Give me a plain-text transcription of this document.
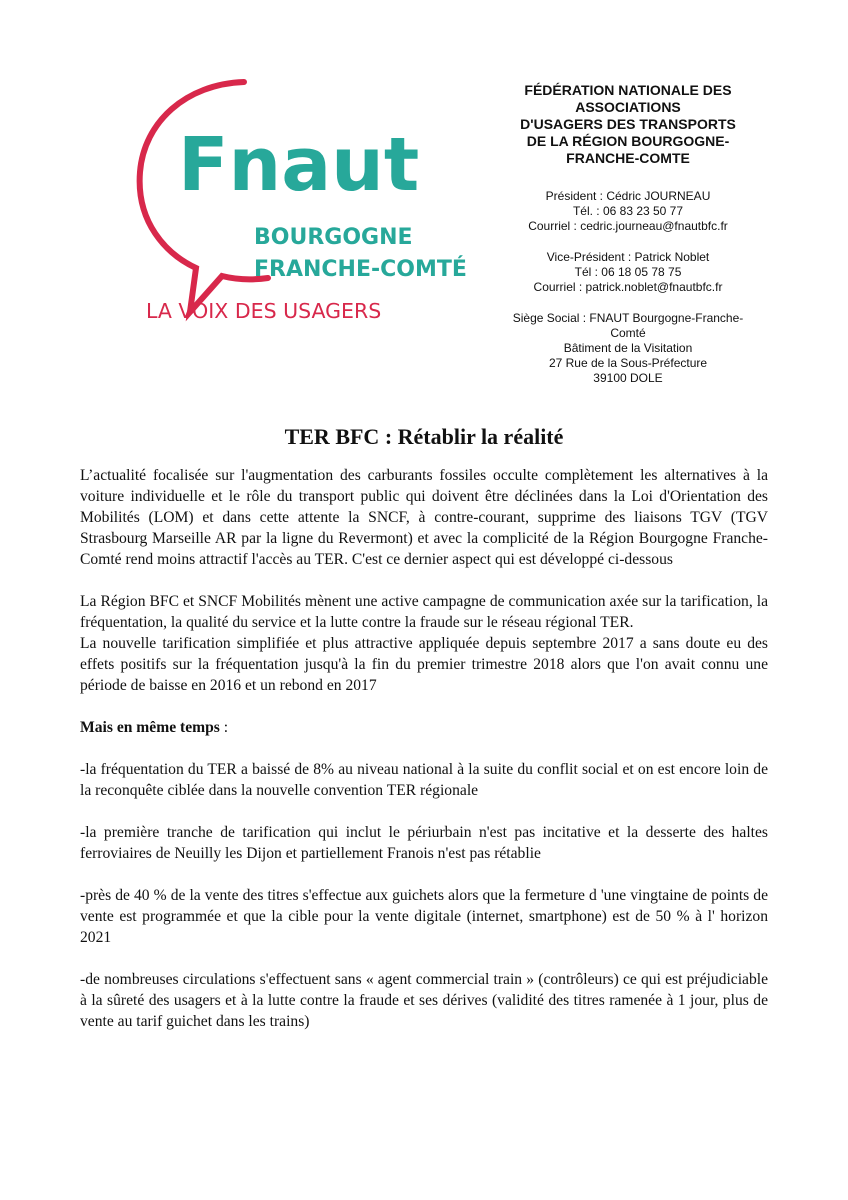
Fnaut
BOURGOGNE
FRANCHE-COMTÉ
LA VOIX DES USAGERS

FÉDÉRATION NATIONALE DES

ASSOCIATIONS

D'USAGERS DES TRANSPORTS

DE LA RÉGION BOURGOGNE-

FRANCHE-COMTE

Président : Cédric JOURNEAU

Tél. : 06 83 23 50 77

Courriel : cedric.journeau@fnautbfc.fr

Vice-Président : Patrick Noblet

Tél : 06 18 05 78 75

Courriel : patrick.noblet@fnautbfc.fr

Siège Social : FNAUT Bourgogne-Franche-Comté

Bâtiment de la Visitation

27 Rue de la Sous-Préfecture

39100 DOLE

TER BFC : Rétablir la réalité

L’actualité focalisée sur l'augmentation des carburants fossiles occulte complètement les alternatives à la voiture individuelle et le rôle du transport public qui doivent être déclinées dans la Loi d'Orientation des Mobilités (LOM) et dans cette attente la SNCF, à contre-courant, supprime des liaisons TGV (TGV Strasbourg Marseille AR par la ligne du Revermont) et avec la complicité de la Région Bourgogne Franche-Comté rend moins attractif l'accès au TER. C'est ce dernier aspect qui est développé ci-dessous

La Région BFC et SNCF Mobilités mènent une active campagne de communication axée sur la tarification, la fréquentation, la qualité du service et la lutte contre la fraude sur le réseau régional TER.

La nouvelle tarification simplifiée et plus attractive appliquée depuis septembre 2017 a sans doute eu des effets positifs sur la fréquentation jusqu'à la fin du premier trimestre 2018 alors que l'on avait connu une période de baisse en 2016 et un rebond en 2017

Mais en même temps :

-la fréquentation du TER a baissé de 8% au niveau national à la suite du conflit social et on est encore loin de la reconquête ciblée dans la nouvelle convention TER régionale

-la première tranche de tarification qui inclut le périurbain n'est pas incitative et la desserte des haltes ferroviaires de Neuilly les Dijon et partiellement Franois n'est pas rétablie

-près de 40 % de la vente des titres s'effectue aux guichets alors que la fermeture d 'une vingtaine de points de vente est programmée et que la cible pour la vente digitale (internet, smartphone) est de 50 % à l' horizon 2021

-de nombreuses circulations s'effectuent sans « agent commercial train » (contrôleurs) ce qui est préjudiciable à la sûreté des usagers et à la lutte contre la fraude et ses dérives (validité des titres ramenée à 1 jour, plus de vente au tarif guichet dans les trains)
